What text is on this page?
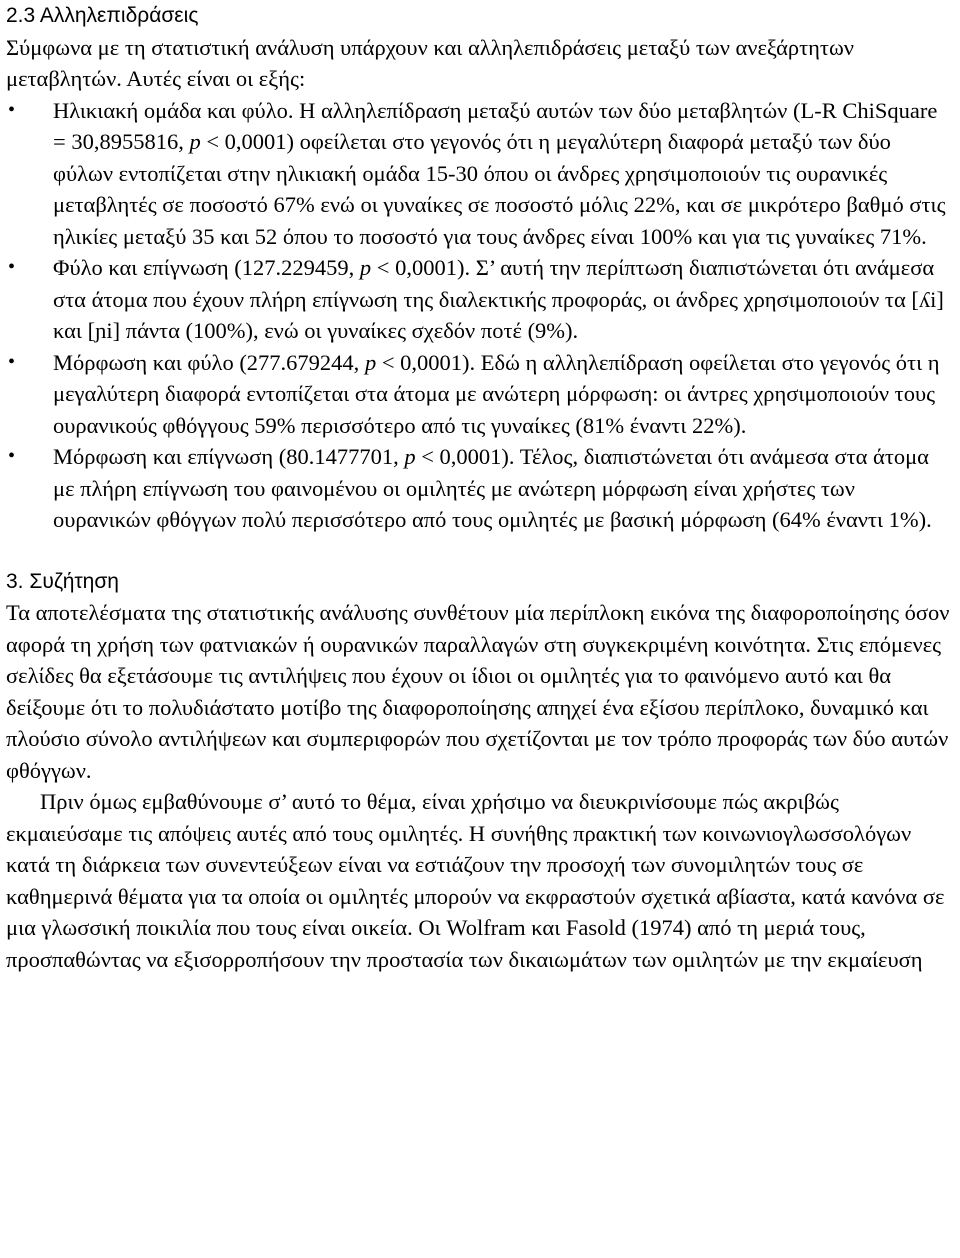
2.3 Αλληλεπιδράσεις

Σύμφωνα με τη στατιστική ανάλυση υπάρχουν και αλληλεπιδράσεις μεταξύ των ανεξάρτητων μεταβλητών. Αυτές είναι οι εξής:

• Ηλικιακή ομάδα και φύλο. Η αλληλεπίδραση μεταξύ αυτών των δύο μεταβλητών (L-R ChiSquare = 30,8955816, p < 0,0001) οφείλεται στο γεγονός ότι η μεγαλύτερη διαφορά μεταξύ των δύο φύλων εντοπίζεται στην ηλικιακή ομάδα 15-30 όπου οι άνδρες χρησιμοποιούν τις ουρανικές μεταβλητές σε ποσοστό 67% ενώ οι γυναίκες σε ποσοστό μόλις 22%, και σε μικρότερο βαθμό στις ηλικίες μεταξύ 35 και 52 όπου το ποσοστό για τους άνδρες είναι 100% και για τις γυναίκες 71%.
• Φύλο και επίγνωση (127.229459, p < 0,0001). Σ’ αυτή την περίπτωση διαπιστώνεται ότι ανάμεσα στα άτομα που έχουν πλήρη επίγνωση της διαλεκτικής προφοράς, οι άνδρες χρησιμοποιούν τα [ʎi] και [ɲi] πάντα (100%), ενώ οι γυναίκες σχεδόν ποτέ (9%).
• Μόρφωση και φύλο (277.679244, p < 0,0001). Εδώ η αλληλεπίδραση οφείλεται στο γεγονός ότι η μεγαλύτερη διαφορά εντοπίζεται στα άτομα με ανώτερη μόρφωση: οι άντρες χρησιμοποιούν τους ουρανικούς φθόγγους 59% περισσότερο από τις γυναίκες (81% έναντι 22%).
• Μόρφωση και επίγνωση (80.1477701, p < 0,0001). Τέλος, διαπιστώνεται ότι ανάμεσα στα άτομα με πλήρη επίγνωση του φαινομένου οι ομιλητές με ανώτερη μόρφωση είναι χρήστες των ουρανικών φθόγγων πολύ περισσότερο από τους ομιλητές με βασική μόρφωση (64% έναντι 1%).
3. Συζήτηση

Τα αποτελέσματα της στατιστικής ανάλυσης συνθέτουν μία περίπλοκη εικόνα της διαφοροποίησης όσον αφορά τη χρήση των φατνιακών ή ουρανικών παραλλαγών στη συγκεκριμένη κοινότητα. Στις επόμενες σελίδες θα εξετάσουμε τις αντιλήψεις που έχουν οι ίδιοι οι ομιλητές για το φαινόμενο αυτό και θα δείξουμε ότι το πολυδιάστατο μοτίβο της διαφοροποίησης απηχεί ένα εξίσου περίπλοκο, δυναμικό και πλούσιο σύνολο αντιλήψεων και συμπεριφορών που σχετίζονται με τον τρόπο προφοράς των δύο αυτών φθόγγων.

Πριν όμως εμβαθύνουμε σ’ αυτό το θέμα, είναι χρήσιμο να διευκρινίσουμε πώς ακριβώς εκμαιεύσαμε τις απόψεις αυτές από τους ομιλητές. Η συνήθης πρακτική των κοινωνιογλωσσολόγων κατά τη διάρκεια των συνεντεύξεων είναι να εστιάζουν την προσοχή των συνομιλητών τους σε καθημερινά θέματα για τα οποία οι ομιλητές μπορούν να εκφραστούν σχετικά αβίαστα, κατά κανόνα σε μια γλωσσική ποικιλία που τους είναι οικεία. Οι Wolfram και Fasold (1974) από τη μεριά τους, προσπαθώντας να εξισορροπήσουν την προστασία των δικαιωμάτων των ομιλητών με την εκμαίευση
